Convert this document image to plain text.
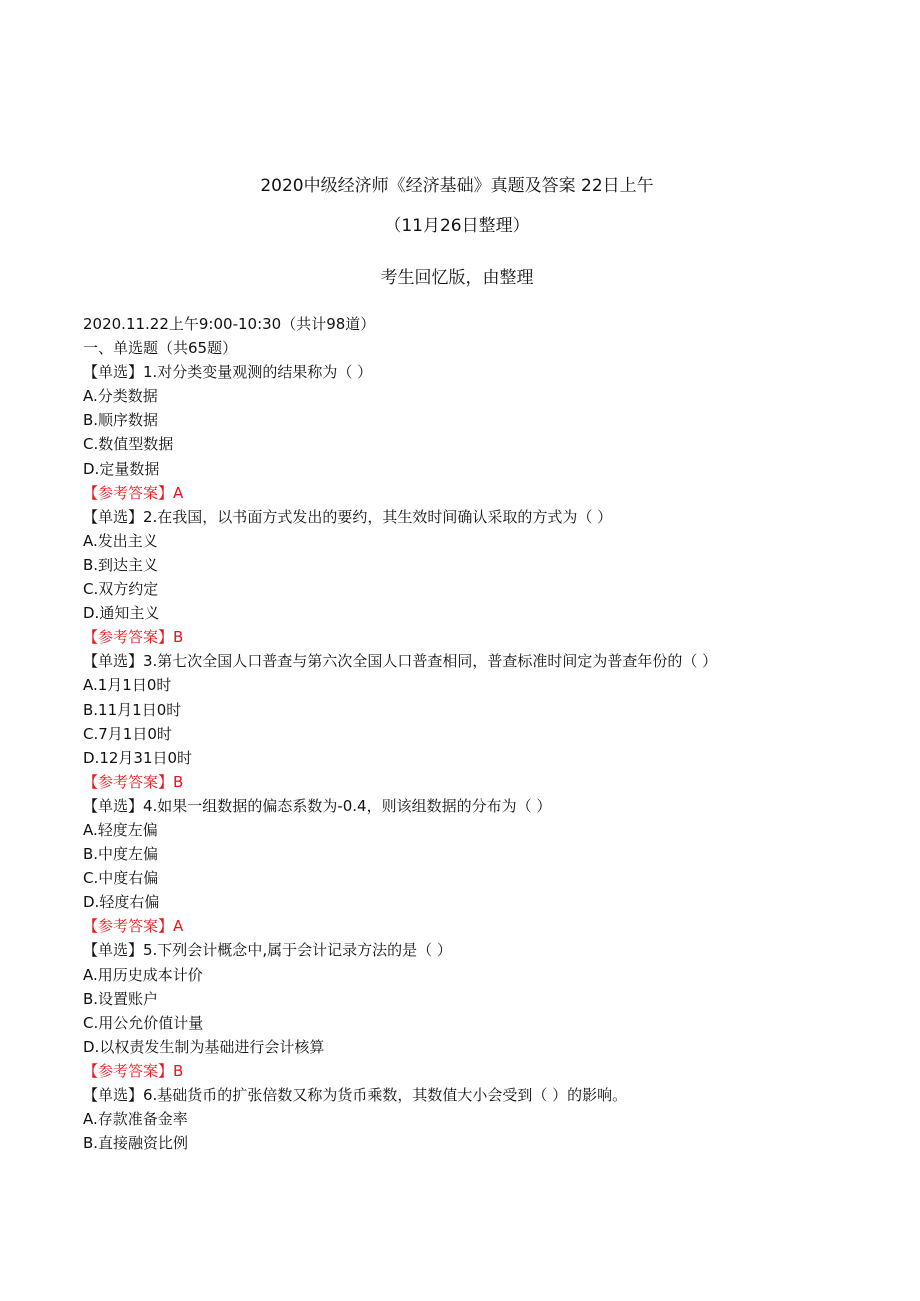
2020中级经济师《经济基础》真题及答案 22日上午
（11月26日整理）
考生回忆版，由整理
2020.11.22上午9:00-10:30（共计98道）
一、单选题（共65题）
【单选】1.对分类变量观测的结果称为（ ）
A.分类数据
B.顺序数据
C.数值型数据
D.定量数据
【参考答案】A
【单选】2.在我国，以书面方式发出的要约，其生效时间确认采取的方式为（ ）
A.发出主义
B.到达主义
C.双方约定
D.通知主义
【参考答案】B
【单选】3.第七次全国人口普查与第六次全国人口普查相同，普查标准时间定为普查年份的（ ）
A.1月1日0时
B.11月1日0时
C.7月1日0时
D.12月31日0时
【参考答案】B
【单选】4.如果一组数据的偏态系数为-0.4，则该组数据的分布为（ ）
A.轻度左偏
B.中度左偏
C.中度右偏
D.轻度右偏
【参考答案】A
【单选】5.下列会计概念中,属于会计记录方法的是（ ）
A.用历史成本计价
B.设置账户
C.用公允价值计量
D.以权责发生制为基础进行会计核算
【参考答案】B
【单选】6.基础货币的扩张倍数又称为货币乘数，其数值大小会受到（ ）的影响。
A.存款准备金率
B.直接融资比例
